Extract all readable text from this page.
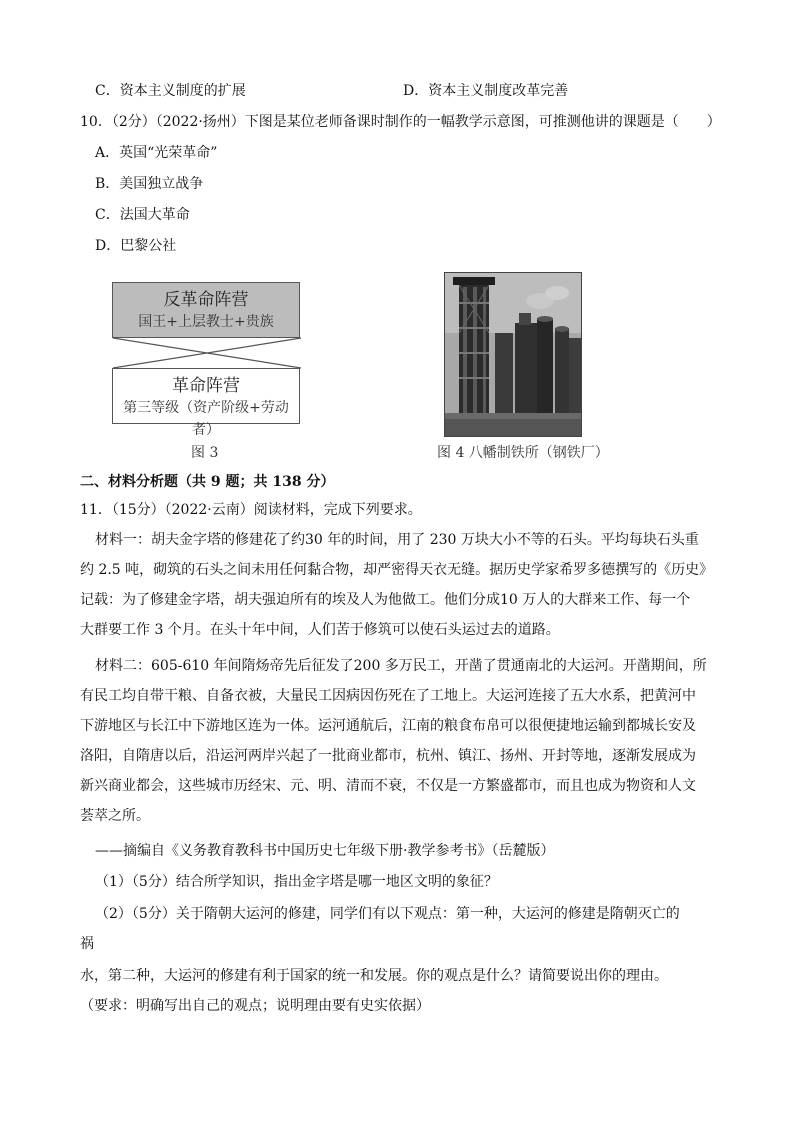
C．资本主义制度的扩展	D．资本主义制度改革完善
10．（2分）（2022·扬州）下图是某位老师备课时制作的一幅教学示意图，可推测他讲的课题是（　　）
A．英国“光荣革命”
B．美国独立战争
C．法国大革命
D．巴黎公社
反革命阵营
国王+上层教士+贵族
革命阵营
第三等级（资产阶级+劳动者）
图 3	图 4 八幡制铁所（钢铁厂）
二、材料分析题（共 9 题；共 138 分）
11．（15分）（2022·云南）阅读材料，完成下列要求。
材料一：胡夫金字塔的修建花了约30 年的时间，用了 230 万块大小不等的石头。平均每块石头重
约 2.5 吨，砌筑的石头之间未用任何黏合物，却严密得天衣无缝。据历史学家希罗多德撰写的《历史》
记载：为了修建金字塔，胡夫强迫所有的埃及人为他做工。他们分成10 万人的大群来工作、每一个
大群要工作 3 个月。在头十年中间，人们苦于修筑可以使石头运过去的道路。
材料二：605-610 年间隋炀帝先后征发了200 多万民工，开凿了贯通南北的大运河。开凿期间，所
有民工均自带干粮、自备衣被，大量民工因病因伤死在了工地上。大运河连接了五大水系，把黄河中
下游地区与长江中下游地区连为一体。运河通航后，江南的粮食布帛可以很便捷地运输到都城长安及
洛阳，自隋唐以后，沿运河两岸兴起了一批商业都市，杭州、镇江、扬州、开封等地，逐渐发展成为
新兴商业都会，这些城市历经宋、元、明、清而不衰，不仅是一方繁盛都市，而且也成为物资和人文
荟萃之所。
——摘编自《义务教育教科书中国历史七年级下册·教学参考书》（岳麓版）
（1）（5分）结合所学知识，指出金字塔是哪一地区文明的象征？
（2）（5分）关于隋朝大运河的修建，同学们有以下观点：第一种，大运河的修建是隋朝灭亡的
祸
水，第二种，大运河的修建有利于国家的统一和发展。你的观点是什么？请简要说出你的理由。
（要求：明确写出自己的观点；说明理由要有史实依据）
